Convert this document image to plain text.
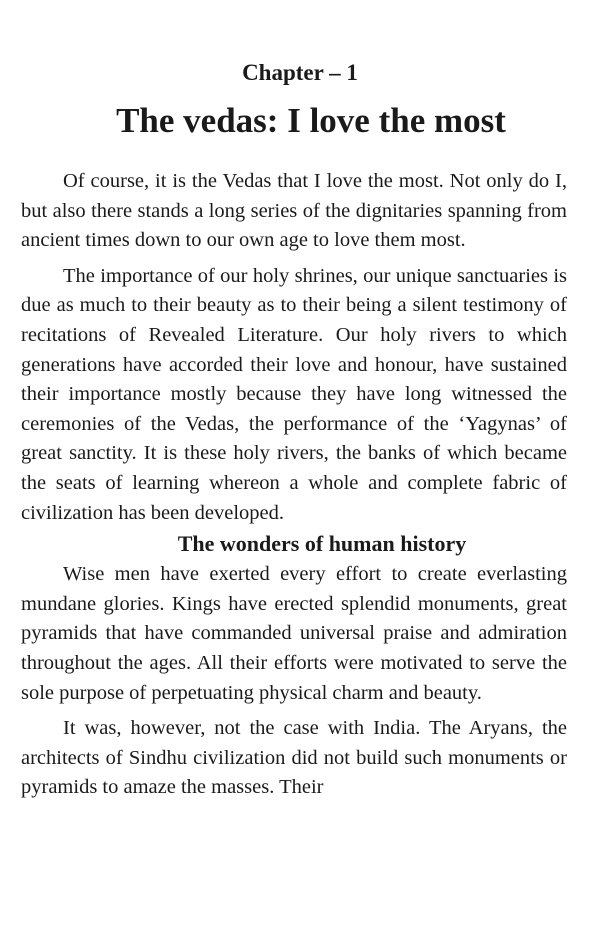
Chapter – 1
The vedas: I love the most

Of course, it is the Vedas that I love the most. Not only do I, but also there stands a long series of the dignitaries spanning from ancient times down to our own age to love them most.

The importance of our holy shrines, our unique sanctuaries is due as much to their beauty as to their being a silent testimony of recitations of Revealed Literature. Our holy rivers to which generations have accorded their love and honour, have sustained their importance mostly because they have long witnessed the ceremonies of the Vedas, the performance of the ‘Yagynas’ of great sanctity. It is these holy rivers, the banks of which became the seats of learning whereon a whole and complete fabric of civilization has been developed.

The wonders of human history

Wise men have exerted every effort to create everlasting mundane glories. Kings have erected splendid monuments, great pyramids that have commanded universal praise and admiration throughout the ages. All their efforts were motivated to serve the sole purpose of perpetuating physical charm and beauty.

It was, however, not the case with India. The Aryans, the architects of Sindhu civilization did not build such monuments or pyramids to amaze the masses. Their
